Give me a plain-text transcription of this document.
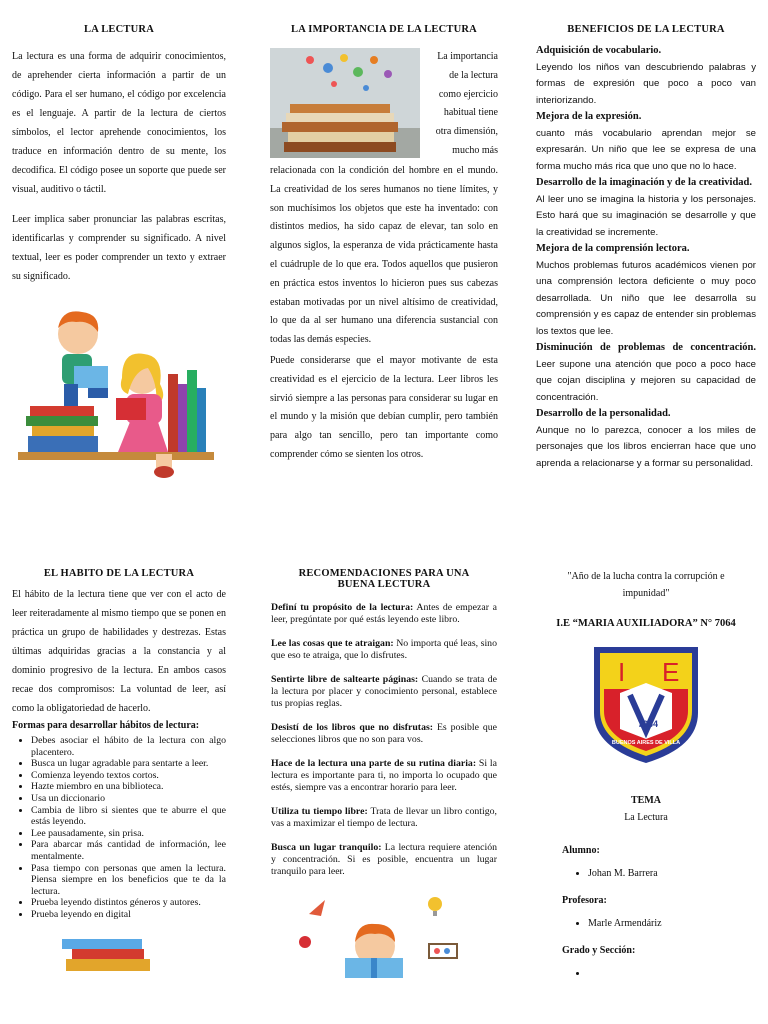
LA LECTURA

La lectura es una forma de adquirir conocimientos, de aprehender cierta información a partir de un código. Para el ser humano, el código por excelencia es el lenguaje. A partir de la lectura de ciertos símbolos, el lector aprehende conocimientos, los traduce en información dentro de su mente, los decodifica. El código posee un soporte que puede ser visual, auditivo o táctil.

Leer implica saber pronunciar las palabras escritas, identificarlas y comprender su significado. A nivel textual, leer es poder comprender un texto y extraer su significado.

LA IMPORTANCIA DE LA LECTURA
La importancia
de la lectura
como ejercicio
habitual tiene
otra dimensión,
mucho más

relacionada con la condición del hombre en el mundo. La creatividad de los seres humanos no tiene límites, y son muchísimos los objetos que este ha inventado: con distintos medios, ha sido capaz de elevar, tan solo en algunos siglos, la esperanza de vida prácticamente hasta el cuádruple de lo que era. Todos aquellos que pusieron en práctica estos inventos lo hicieron pues sus cabezas estaban motivadas por un nivel altísimo de creatividad, lo que da al ser humano una diferencia sustancial con todas las demás especies.

Puede considerarse que el mayor motivante de esta creatividad es el ejercicio de la lectura. Leer libros les sirvió siempre a las personas para considerar su lugar en el mundo y la misión que debían cumplir, pero también para algo tan sencillo, pero tan importante como comprender cómo se sienten los otros.

BENEFICIOS DE LA LECTURA

Adquisición de vocabulario.

Leyendo los niños van descubriendo palabras y formas de expresión que poco a poco van interiorizando.

Mejora de la expresión.

cuanto más vocabulario aprendan mejor se expresarán. Un niño que lee se expresa de una forma mucho más rica que uno que no lo hace.

Desarrollo de la imaginación y de la creatividad.

Al leer uno se imagina la historia y los personajes. Esto hará que su imaginación se desarrolle y que la creatividad se incremente.

Mejora de la comprensión lectora.

Muchos problemas futuros académicos vienen por una comprensión lectora deficiente o muy poco desarrollada. Un niño que lee desarrolla su comprensión y es capaz de entender sin problemas los textos que lee.

Disminución de problemas de concentración. Leer supone una atención que poco a poco hace que cojan disciplina y mejoren su capacidad de concentración.

Desarrollo de la personalidad.

Aunque no lo parezca, conocer a los miles de personajes que los libros encierran hace que uno aprenda a relacionarse y a formar su personalidad.

EL HABITO DE LA LECTURA

El hábito de la lectura tiene que ver con el acto de leer reiteradamente al mismo tiempo que se ponen en práctica un grupo de habilidades y destrezas. Estas últimas adquiridas gracias a la constancia y al dominio progresivo de la lectura. En ambos casos recae dos compromisos: La voluntad de leer, así como la obligatoriedad de hacerlo.

Formas para desarrollar hábitos de lectura:
• Debes asociar el hábito de la lectura con algo placentero.
• Busca un lugar agradable para sentarte a leer.
• Comienza leyendo textos cortos.
• Hazte miembro en una biblioteca.
• Usa un diccionario
• Cambia de libro si sientes que te aburre el que estás leyendo.
• Lee pausadamente, sin prisa.
• Para abarcar más cantidad de información, lee mentalmente.
• Pasa tiempo con personas que amen la lectura. Piensa siempre en los beneficios que te da la lectura.
• Prueba leyendo distintos géneros y autores.
• Prueba leyendo en digital
RECOMENDACIONES PARA UNA
BUENA LECTURA

Definí tu propósito de la lectura: Antes de empezar a leer, pregúntate por qué estás leyendo este libro.

Lee las cosas que te atraigan: No importa qué leas, sino que eso te atraiga, que lo disfrutes.

Sentirte libre de saltearte páginas: Cuando se trata de la lectura por placer y conocimiento personal, establece tus propias reglas.

Desistí de los libros que no disfrutas: Es posible que selecciones libros que no son para vos.

Hace de la lectura una parte de su rutina diaria: Si la lectura es importante para ti, no importa lo ocupado que estés, siempre vas a encontrar horario para leer.

Utiliza tu tiempo libre: Trata de llevar un libro contigo, vas a maximizar el tiempo de lectura.

Busca un lugar tranquilo: La lectura requiere atención y concentración. Si es posible, encuentra un lugar tranquilo para leer.

"Año de la lucha contra la corrupción e
impunidad"
I.E “MARIA AUXILIADORA” N° 7064
I E
7064
BUENOS AIRES DE VILLA
TEMA
La Lectura
Alumno:
• Johan M. Barrera
Profesora:
• Marle Armendáriz
Grado y Sección:
•
